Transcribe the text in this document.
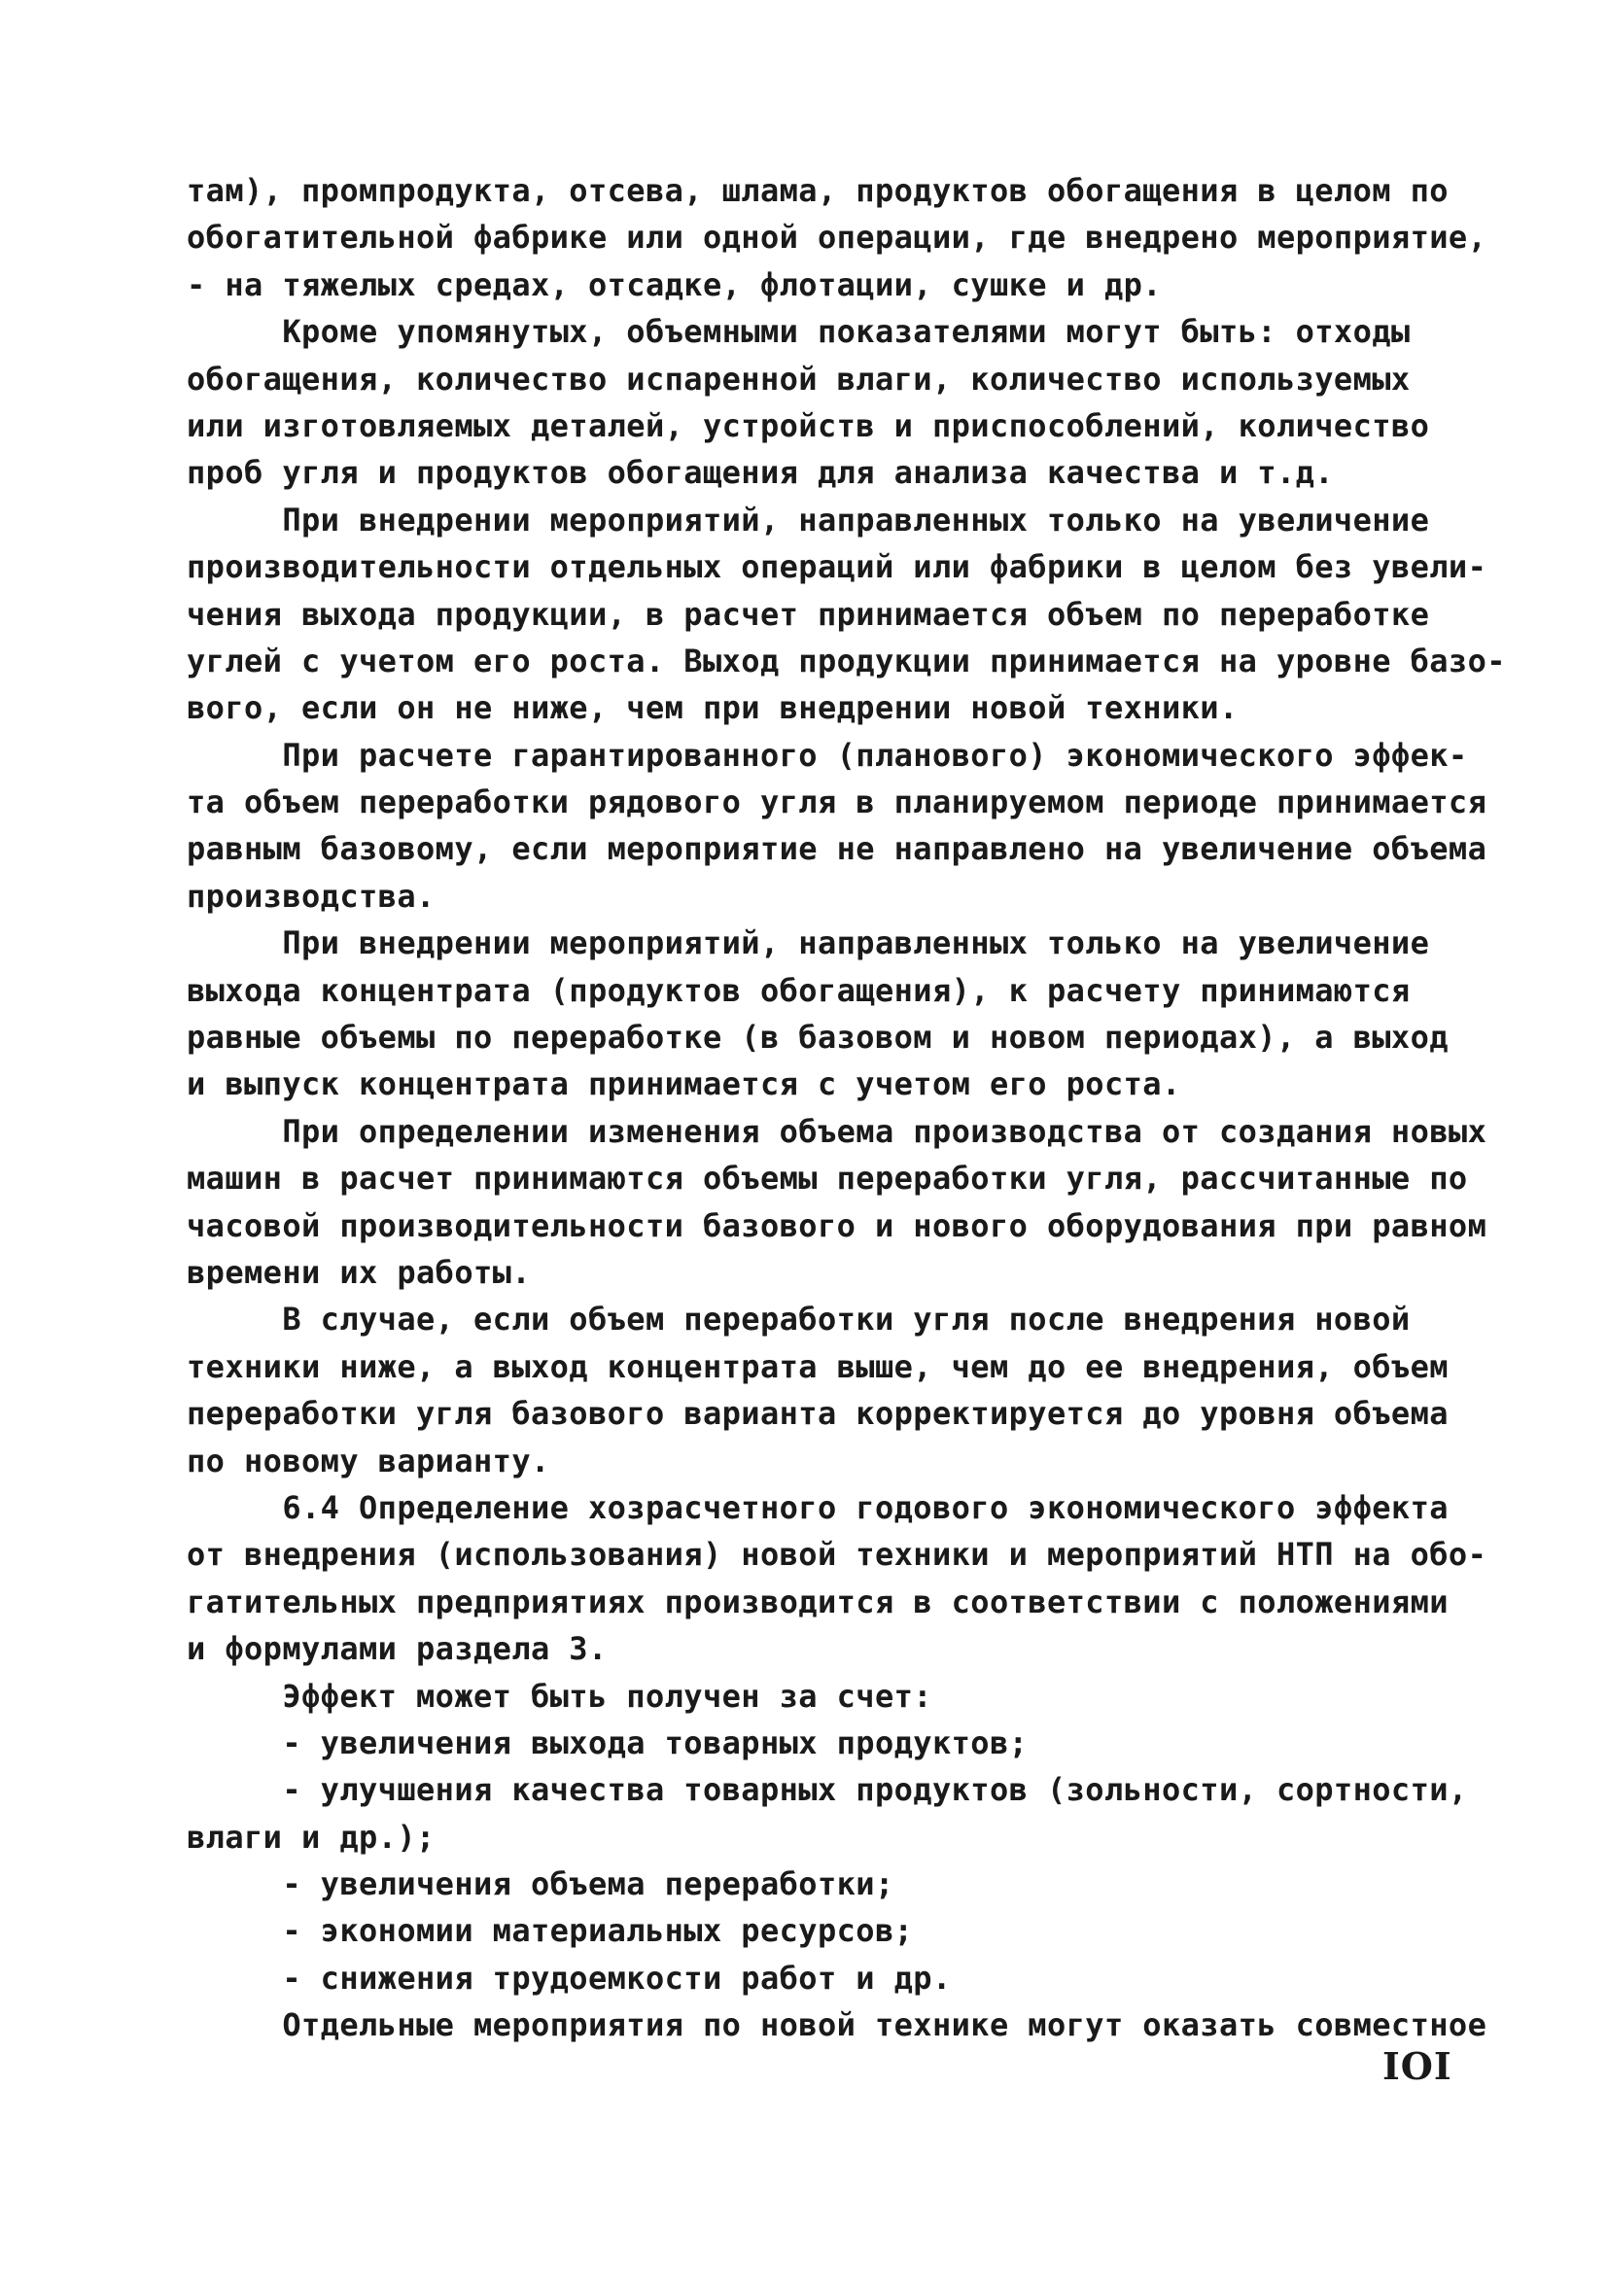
там), промпродукта, отсева, шлама, продуктов обогащения в целом по
обогатительной фабрике или одной операции, где внедрено мероприятие,
- на тяжелых средах, отсадке, флотации, сушке и др.
Кроме упомянутых, объемными показателями могут быть: отходы
обогащения, количество испаренной влаги, количество используемых
или изготовляемых деталей, устройств и приспособлений, количество
проб угля и продуктов обогащения для анализа качества и т.д.
При внедрении мероприятий, направленных только на увеличение
производительности отдельных операций или фабрики в целом без увели-
чения выхода продукции, в расчет принимается объем по переработке
углей с учетом его роста. Выход продукции принимается на уровне базо-
вого, если он не ниже, чем при внедрении новой техники.
При расчете гарантированного (планового) экономического эффек-
та объем переработки рядового угля в планируемом периоде принимается
равным базовому, если мероприятие не направлено на увеличение объема
производства.
При внедрении мероприятий, направленных только на увеличение
выхода концентрата (продуктов обогащения), к расчету принимаются
равные объемы по переработке (в базовом и новом периодах), а выход
и выпуск концентрата принимается с учетом его роста.
При определении изменения объема производства от создания новых
машин в расчет принимаются объемы переработки угля, рассчитанные по
часовой производительности базового и нового оборудования при равном
времени их работы.
В случае, если объем переработки угля после внедрения новой
техники ниже, а выход концентрата выше, чем до ее внедрения, объем
переработки угля базового варианта корректируется до уровня объема
по новому варианту.
6.4 Определение хозрасчетного годового экономического эффекта
от внедрения (использования) новой техники и мероприятий НТП на обо-
гатительных предприятиях производится в соответствии с положениями
и формулами раздела 3.
Эффект может быть получен за счет:
- увеличения выхода товарных продуктов;
- улучшения качества товарных продуктов (зольности, сортности,
влаги и др.);
- увеличения объема переработки;
- экономии материальных ресурсов;
- снижения трудоемкости работ и др.
Отдельные мероприятия по новой технике могут оказать совместное
IOI
